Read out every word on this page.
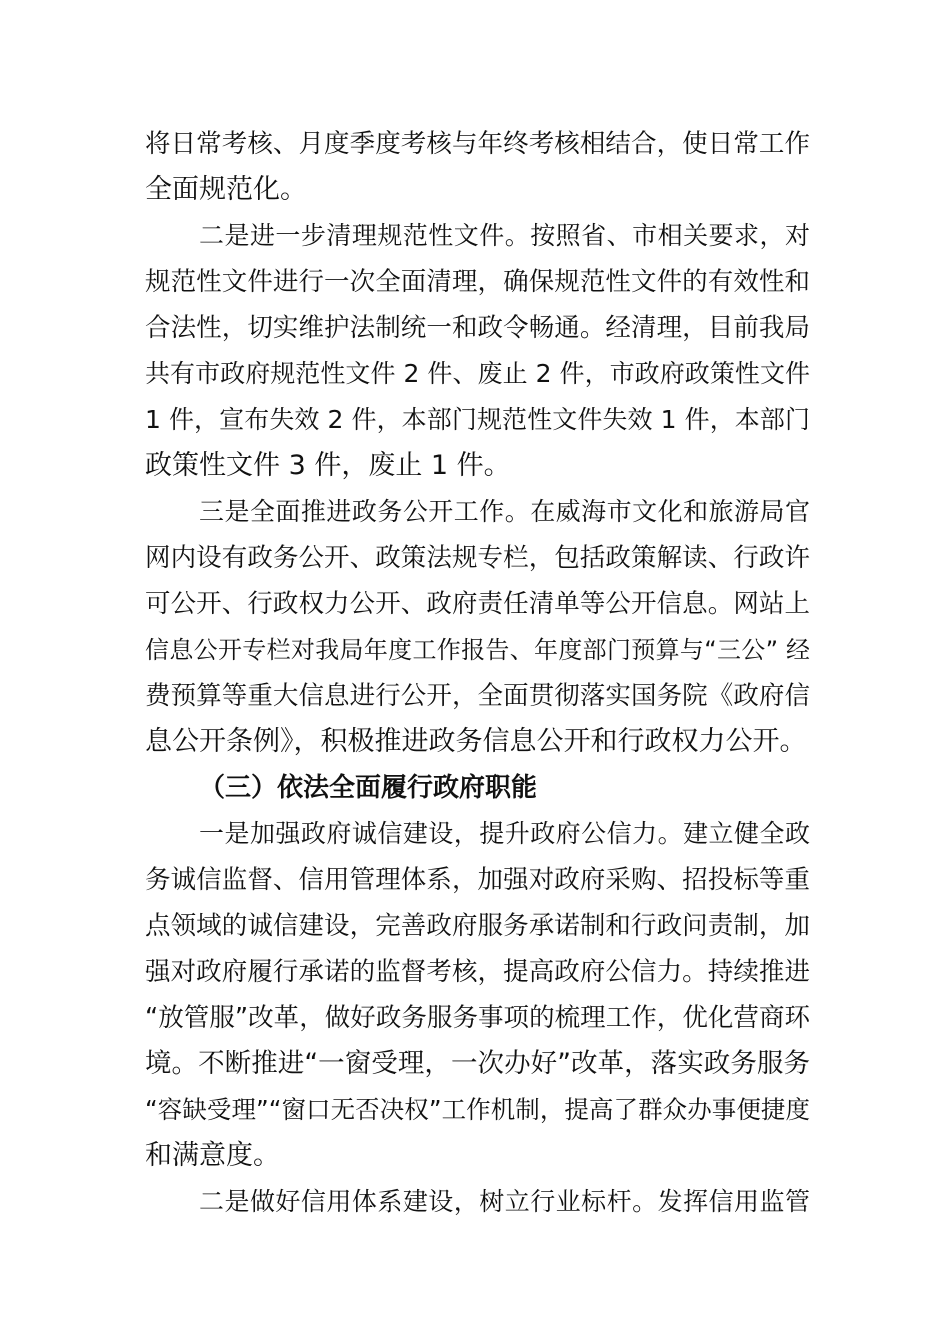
将日常考核、月度季度考核与年终考核相结合，使日常工作
全面规范化。
二是进一步清理规范性文件。按照省、市相关要求，对
规范性文件进行一次全面清理，确保规范性文件的有效性和
合法性，切实维护法制统一和政令畅通。经清理，目前我局
共有市政府规范性文件 2 件、废止 2 件，市政府政策性文件
1 件，宣布失效 2 件，本部门规范性文件失效 1 件，本部门
政策性文件 3 件，废止 1 件。
三是全面推进政务公开工作。在威海市文化和旅游局官
网内设有政务公开、政策法规专栏，包括政策解读、行政许
可公开、行政权力公开、政府责任清单等公开信息。网站上
信息公开专栏对我局年度工作报告、年度部门预算与“三公” 经
费预算等重大信息进行公开，全面贯彻落实国务院《政府信
息公开条例》，积极推进政务信息公开和行政权力公开。
（三）依法全面履行政府职能
一是加强政府诚信建设，提升政府公信力。建立健全政
务诚信监督、信用管理体系，加强对政府采购、招投标等重
点领域的诚信建设，完善政府服务承诺制和行政问责制，加
强对政府履行承诺的监督考核，提高政府公信力。持续推进
“放管服”改革，做好政务服务事项的梳理工作，优化营商环
境。不断推进“一窗受理，一次办好”改革，落实政务服务
“容缺受理”“窗口无否决权”工作机制，提高了群众办事便捷度
和满意度。
二是做好信用体系建设，树立行业标杆。发挥信用监管
